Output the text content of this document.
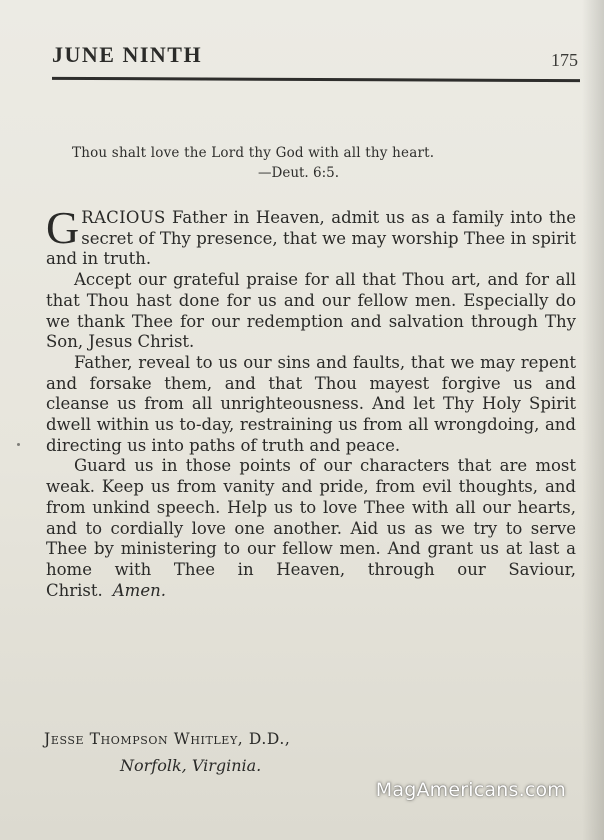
JUNE NINTH	175
Thou shalt love the Lord thy God with all thy heart.
—Deut. 6:5.

GRACIOUS Father in Heaven, admit us as a family into the secret of Thy presence, that we may worship Thee in spirit and in truth.

Accept our grateful praise for all that Thou art, and for all that Thou hast done for us and our fellow men. Especially do we thank Thee for our redemption and salvation through Thy Son, Jesus Christ.

Father, reveal to us our sins and faults, that we may repent and forsake them, and that Thou mayest forgive us and cleanse us from all unrighteousness. And let Thy Holy Spirit dwell within us to-day, restraining us from all wrongdoing, and directing us into paths of truth and peace.

Guard us in those points of our characters that are most weak. Keep us from vanity and pride, from evil thoughts, and from unkind speech. Help us to love Thee with all our hearts, and to cordially love one another. Aid us as we try to serve Thee by ministering to our fellow men. And grant us at last a home with Thee in Heaven, through our Saviour, Christ. Amen.

Jesse Thompson Whitley, D.D.,
Norfolk, Virginia.
MagAmericans.com
